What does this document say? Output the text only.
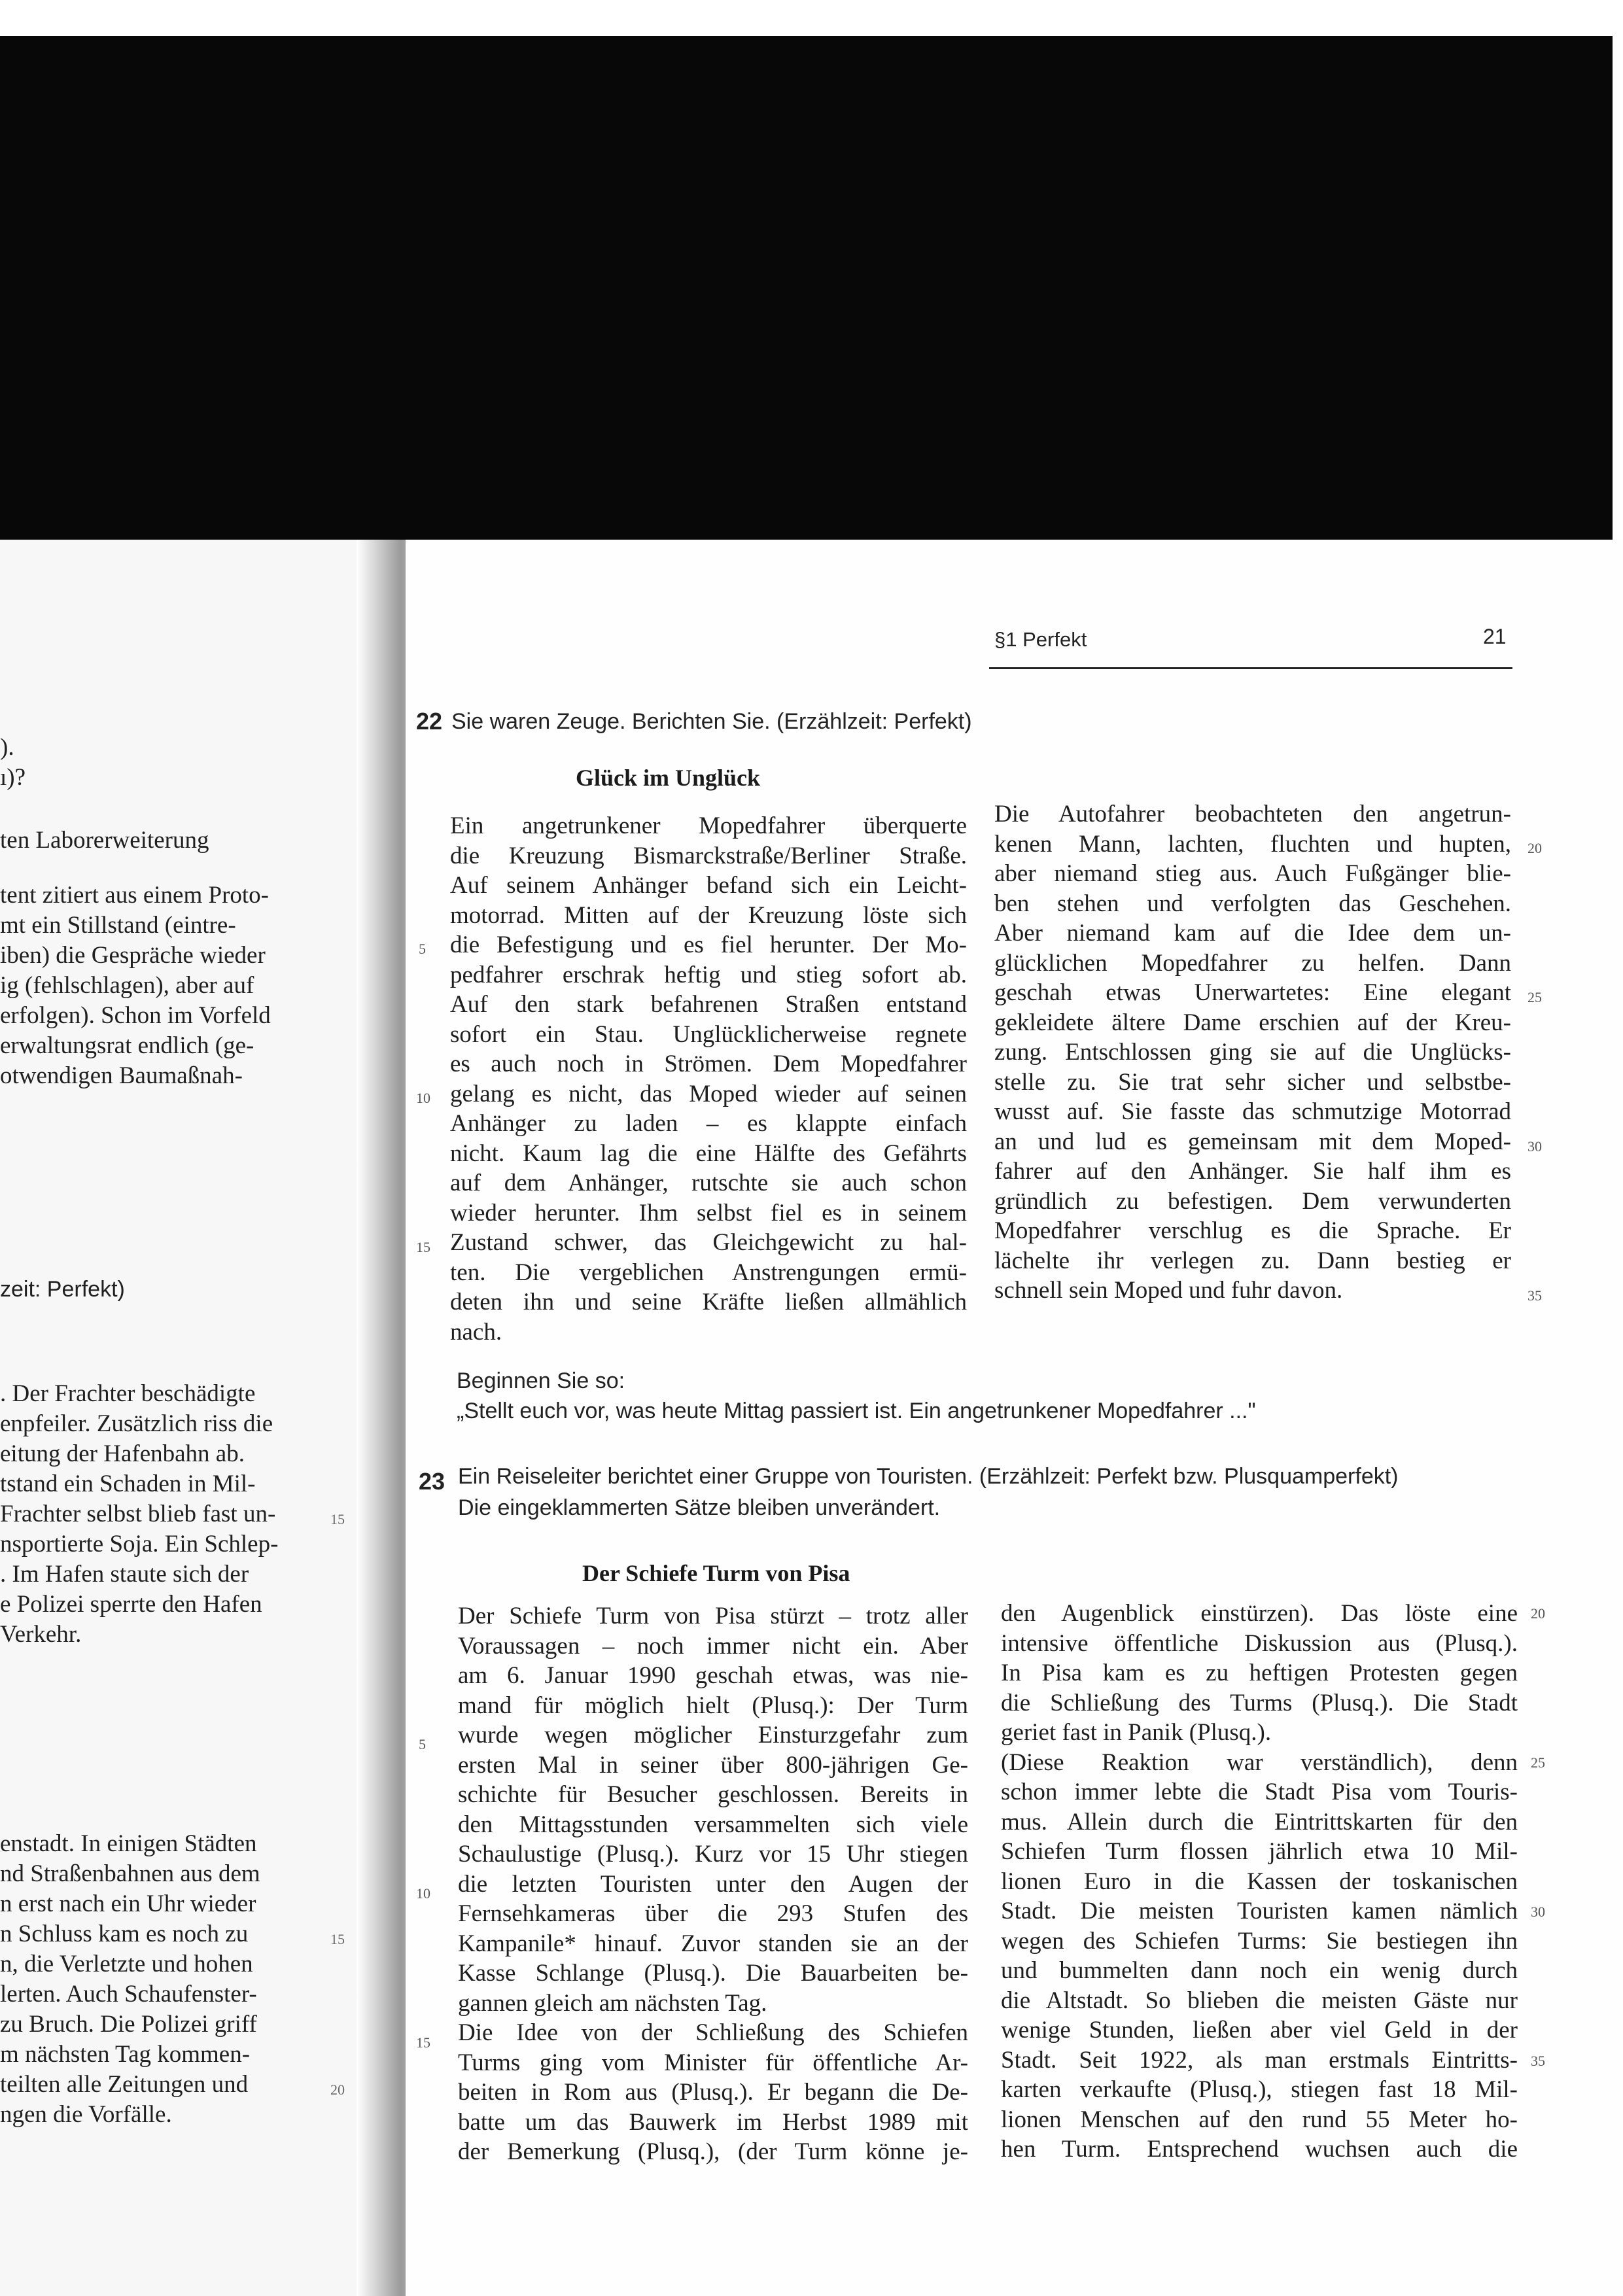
).
ı)?
ten Laborerweiterung
tent zitiert aus einem Proto-
mt ein Stillstand (eintre-
iben) die Gespräche wieder
ig (fehlschlagen), aber auf
erfolgen). Schon im Vorfeld
erwaltungsrat endlich (ge-
otwendigen Baumaßnah-
zeit: Perfekt)
. Der Frachter beschädigte
enpfeiler. Zusätzlich riss die
eitung der Hafenbahn ab.
tstand ein Schaden in Mil-
Frachter selbst blieb fast un-
nsportierte Soja. Ein Schlep-
. Im Hafen staute sich der
e Polizei sperrte den Hafen
Verkehr.
15
enstadt. In einigen Städten
nd Straßenbahnen aus dem
n erst nach ein Uhr wieder
n Schluss kam es noch zu
n, die Verletzte und hohen
lerten. Auch Schaufenster-
zu Bruch. Die Polizei griff
m nächsten Tag kommen-
teilten alle Zeitungen und
ngen die Vorfälle.
15
20
§1 Perfekt	21
22 Sie waren Zeuge. Berichten Sie. (Erzählzeit: Perfekt)
Glück im Unglück

Ein angetrunkener Mopedfahrer überquerte

die Kreuzung Bismarckstraße/Berliner Straße.

Auf seinem Anhänger befand sich ein Leicht-

motorrad. Mitten auf der Kreuzung löste sich

die Befestigung und es fiel herunter. Der Mo-

pedfahrer erschrak heftig und stieg sofort ab.

Auf den stark befahrenen Straßen entstand

sofort ein Stau. Unglücklicherweise regnete

es auch noch in Strömen. Dem Mopedfahrer

gelang es nicht, das Moped wieder auf seinen

Anhänger zu laden – es klappte einfach

nicht. Kaum lag die eine Hälfte des Gefährts

auf dem Anhänger, rutschte sie auch schon

wieder herunter. Ihm selbst fiel es in seinem

Zustand schwer, das Gleichgewicht zu hal-

ten. Die vergeblichen Anstrengungen ermü-

deten ihn und seine Kräfte ließen allmählich

nach.

Die Autofahrer beobachteten den angetrun-

kenen Mann, lachten, fluchten und hupten,

aber niemand stieg aus. Auch Fußgänger blie-

ben stehen und verfolgten das Geschehen.

Aber niemand kam auf die Idee dem un-

glücklichen Mopedfahrer zu helfen. Dann

geschah etwas Unerwartetes: Eine elegant

gekleidete ältere Dame erschien auf der Kreu-

zung. Entschlossen ging sie auf die Unglücks-

stelle zu. Sie trat sehr sicher und selbstbe-

wusst auf. Sie fasste das schmutzige Motorrad

an und lud es gemeinsam mit dem Moped-

fahrer auf den Anhänger. Sie half ihm es

gründlich zu befestigen. Dem verwunderten

Mopedfahrer verschlug es die Sprache. Er

lächelte ihr verlegen zu. Dann bestieg er

schnell sein Moped und fuhr davon.

5
10
15
20
25
30
35
Beginnen Sie so:
„Stellt euch vor, was heute Mittag passiert ist. Ein angetrunkener Mopedfahrer ..."
23 Ein Reiseleiter berichtet einer Gruppe von Touristen. (Erzählzeit: Perfekt bzw. Plusquamperfekt)
Die eingeklammerten Sätze bleiben unverändert.
Der Schiefe Turm von Pisa

Der Schiefe Turm von Pisa stürzt – trotz aller

Voraussagen – noch immer nicht ein. Aber

am 6. Januar 1990 geschah etwas, was nie-

mand für möglich hielt (Plusq.): Der Turm

wurde wegen möglicher Einsturzgefahr zum

ersten Mal in seiner über 800-jährigen Ge-

schichte für Besucher geschlossen. Bereits in

den Mittagsstunden versammelten sich viele

Schaulustige (Plusq.). Kurz vor 15 Uhr stiegen

die letzten Touristen unter den Augen der

Fernsehkameras über die 293 Stufen des

Kampanile* hinauf. Zuvor standen sie an der

Kasse Schlange (Plusq.). Die Bauarbeiten be-

gannen gleich am nächsten Tag.

Die Idee von der Schließung des Schiefen

Turms ging vom Minister für öffentliche Ar-

beiten in Rom aus (Plusq.). Er begann die De-

batte um das Bauwerk im Herbst 1989 mit

der Bemerkung (Plusq.), (der Turm könne je-

den Augenblick einstürzen). Das löste eine

intensive öffentliche Diskussion aus (Plusq.).

In Pisa kam es zu heftigen Protesten gegen

die Schließung des Turms (Plusq.). Die Stadt

geriet fast in Panik (Plusq.).

(Diese Reaktion war verständlich), denn

schon immer lebte die Stadt Pisa vom Touris-

mus. Allein durch die Eintrittskarten für den

Schiefen Turm flossen jährlich etwa 10 Mil-

lionen Euro in die Kassen der toskanischen

Stadt. Die meisten Touristen kamen nämlich

wegen des Schiefen Turms: Sie bestiegen ihn

und bummelten dann noch ein wenig durch

die Altstadt. So blieben die meisten Gäste nur

wenige Stunden, ließen aber viel Geld in der

Stadt. Seit 1922, als man erstmals Eintritts-

karten verkaufte (Plusq.), stiegen fast 18 Mil-

lionen Menschen auf den rund 55 Meter ho-

hen Turm. Entsprechend wuchsen auch die

5
10
15
20
25
30
35
